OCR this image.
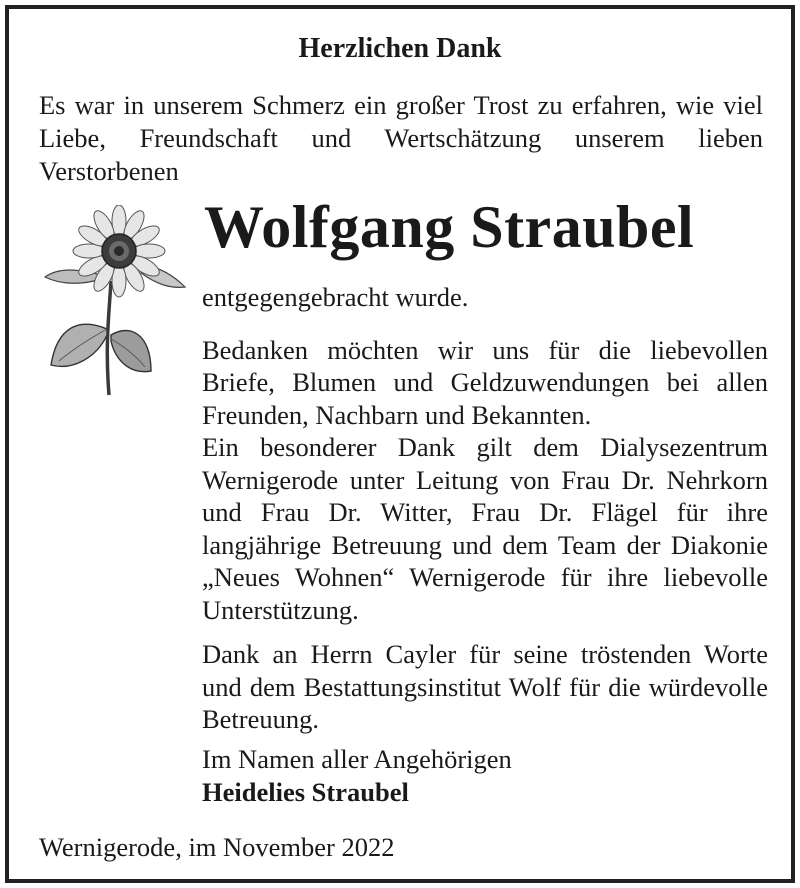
Herzlichen Dank
Es war in unserem Schmerz ein großer Trost zu erfahren, wie viel Liebe, Freundschaft und Wertschätzung unserem lieben Verstorbenen
Wolfgang Straubel

entgegengebracht wurde.

Bedanken möchten wir uns für die liebevollen Briefe, Blumen und Geldzuwendungen bei allen Freunden, Nachbarn und Bekannten.

Ein besonderer Dank gilt dem Dialysezentrum Wernigerode unter Leitung von Frau Dr. Nehrkorn und Frau Dr. Witter, Frau Dr. Flägel für ihre langjährige Betreuung und dem Team der Diakonie „Neues Wohnen“ Wernigerode für ihre liebevolle Unterstützung.

Dank an Herrn Cayler für seine tröstenden Worte und dem Bestattungsinstitut Wolf für die würdevolle Betreuung.

Im Namen aller Angehörigen
Heidelies Straubel
Wernigerode, im November 2022
